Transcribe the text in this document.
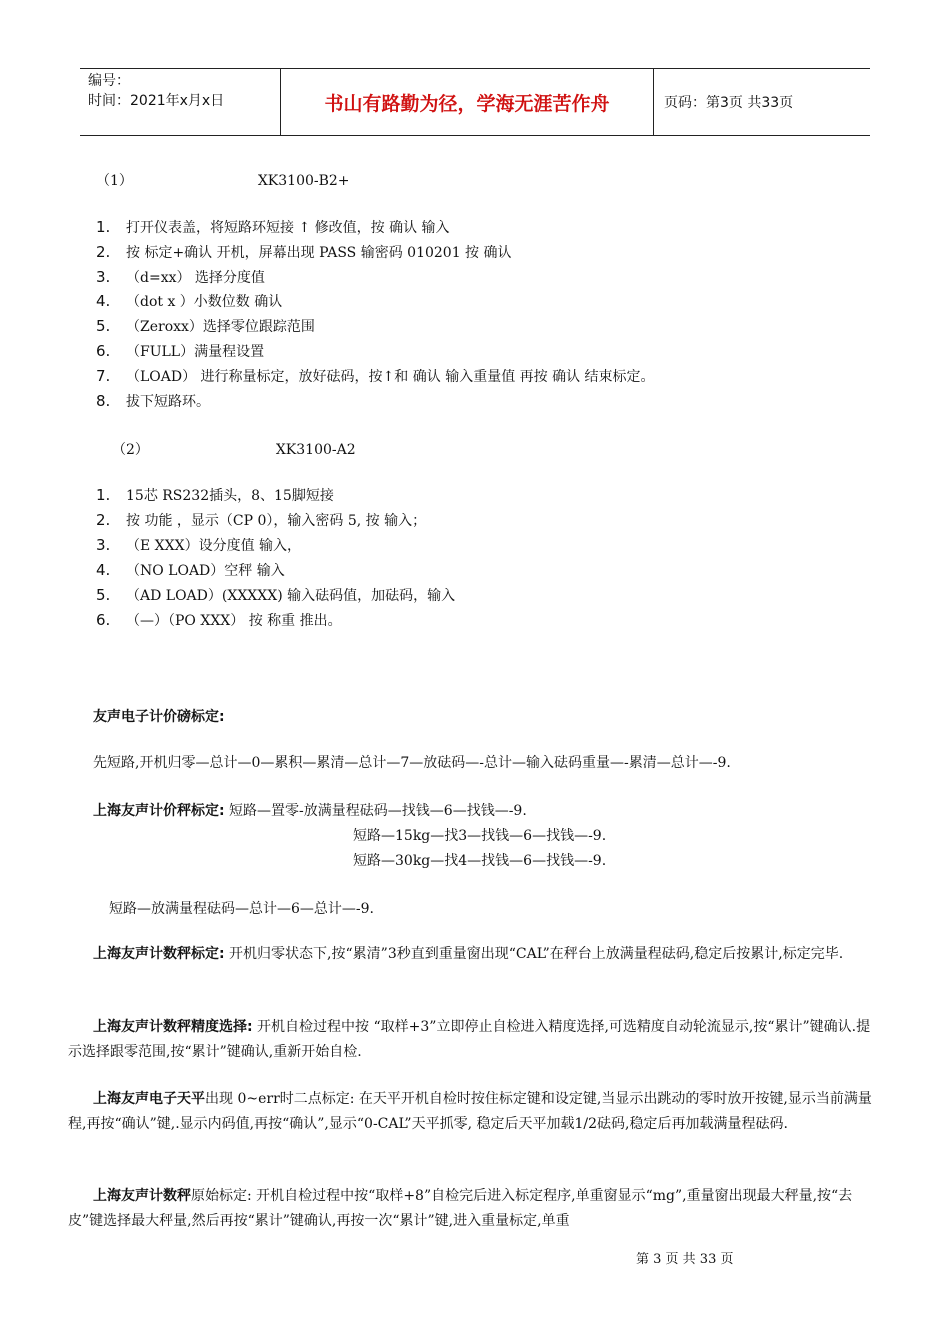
编号：
时间：2021年x月x日	书山有路勤为径，学海无涯苦作舟	页码：第3页 共33页
（1）	XK3100-B2+
1. 打开仪表盖，将短路环短接 ↑ 修改值，按 确认 输入
2. 按 标定+确认 开机，屏幕出现 PASS 输密码 010201 按 确认
3. （d=xx） 选择分度值
4. （dot x ）小数位数 确认
5. （Zeroxx）选择零位跟踪范围
6. （FULL）满量程设置
7. （LOAD） 进行称量标定，放好砝码，按↑和 确认 输入重量值 再按 确认 结束标定。
8. 拔下短路环。
（2）	XK3100-A2
1. 15芯 RS232插头，8、15脚短接
2. 按 功能 ，显示（CP 0），输入密码 5, 按 输入；
3. （E XXX）设分度值 输入，
4. （NO LOAD）空秤 输入
5. （AD LOAD）(XXXXX) 输入砝码值，加砝码，输入
6. （—）（PO XXX） 按 称重 推出。
友声电子计价磅标定:
先短路,开机归零—总计—0—累积—累清—总计—7—放砝码—-总计—输入砝码重量—-累清—总计—-9.
上海友声计价秤标定: 短路—置零-放满量程砝码—找钱—6—找钱—-9.
短路—15kg—找3—找钱—6—找钱—-9.
短路—30kg—找4—找钱—6—找钱—-9.
短路—放满量程砝码—总计—6—总计—-9.
上海友声计数秤标定: 开机归零状态下,按“累清”3秒直到重量窗出现“CAL”在秤台上放满量程砝码,稳定后按累计,标定完毕.
上海友声计数秤精度选择: 开机自检过程中按 “取样+3”立即停止自检进入精度选择,可选精度自动轮流显示,按“累计”键确认.提示选择跟零范围,按“累计”键确认,重新开始自检.
上海友声电子天平出现 0~err时二点标定: 在天平开机自检时按住标定键和设定键,当显示出跳动的零时放开按键,显示当前满量程,再按“确认”键,.显示内码值,再按“确认”,显示“0-CAL”天平抓零, 稳定后天平加载1/2砝码,稳定后再加载满量程砝码.
上海友声计数秤原始标定: 开机自检过程中按“取样+8”自检完后进入标定程序,单重窗显示“mg”,重量窗出现最大秤量,按“去皮”键选择最大秤量,然后再按“累计”键确认,再按一次“累计”键,进入重量标定,单重
第 3 页 共 33 页
